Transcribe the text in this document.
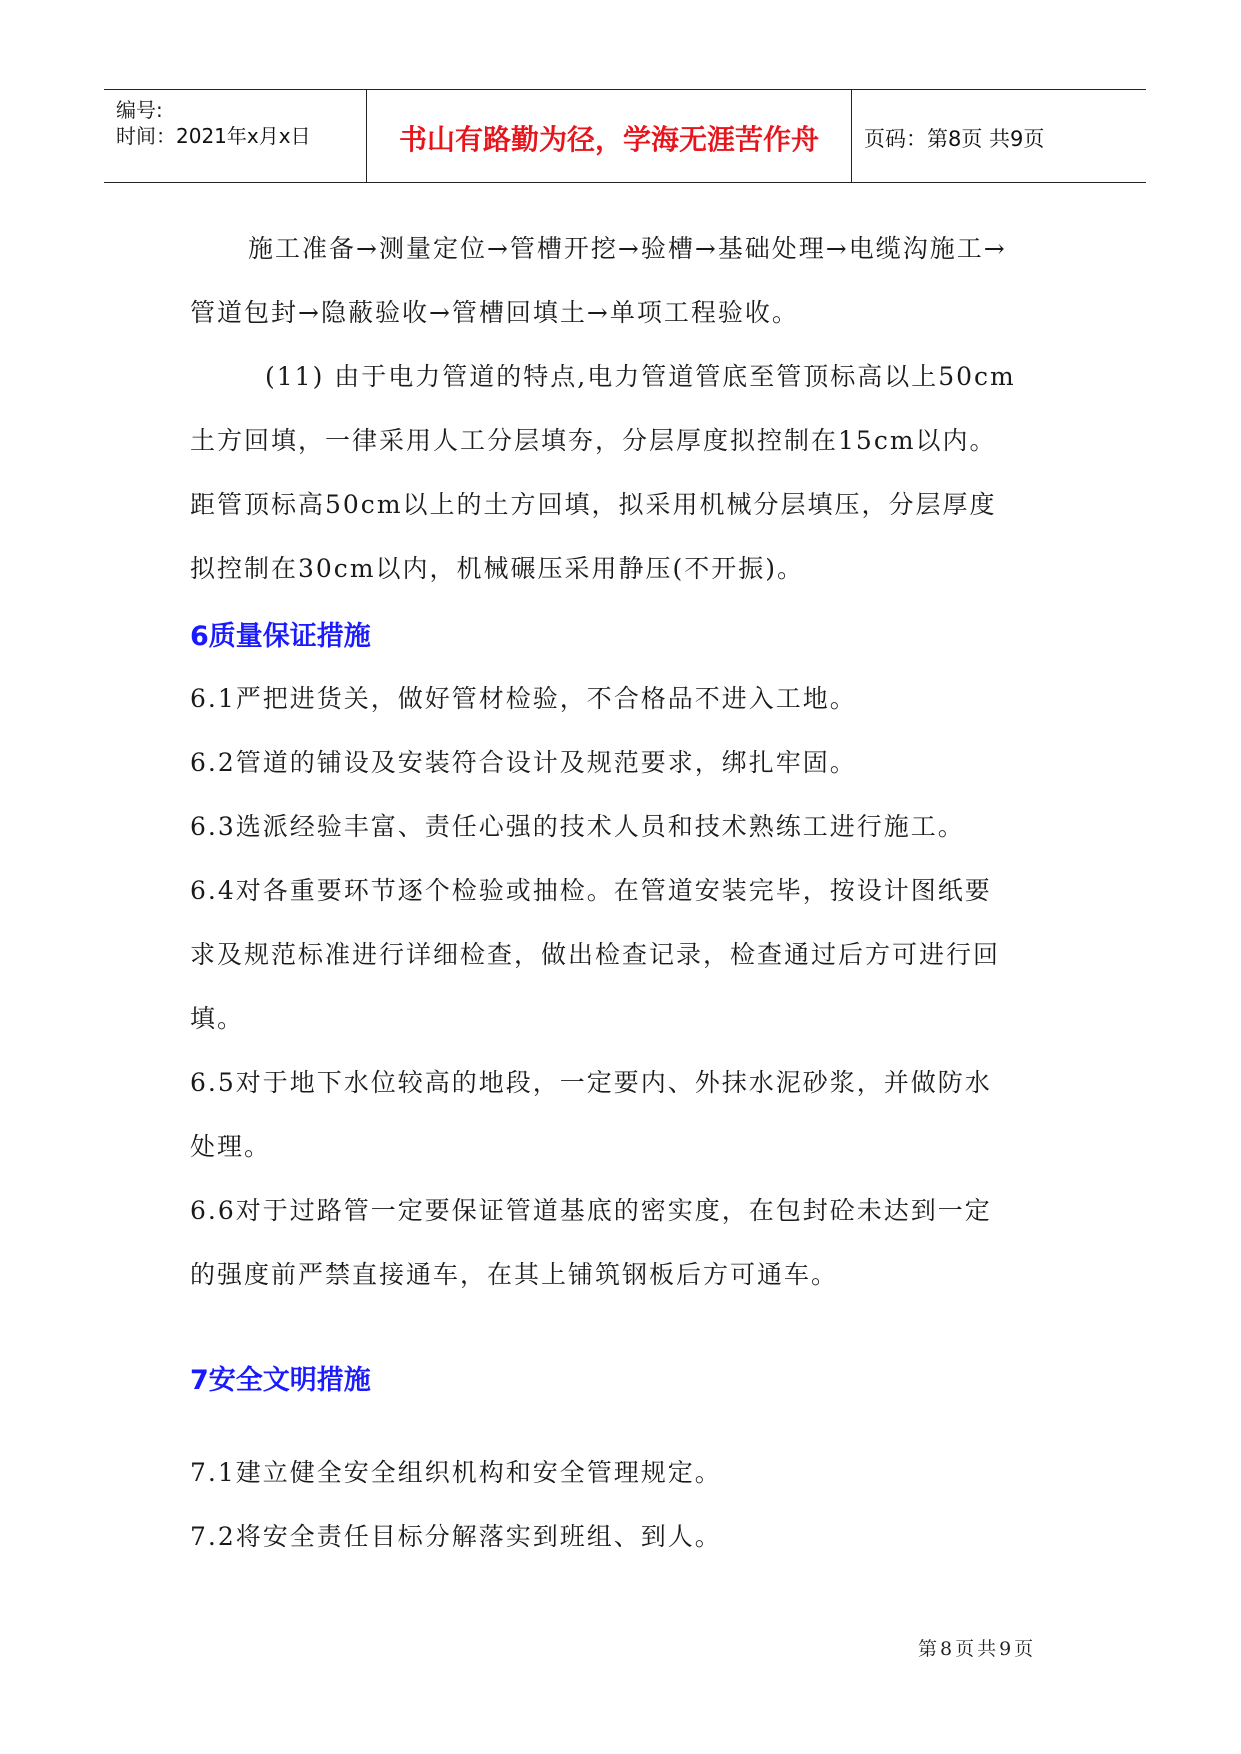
编号:
时间：2021年x月x日	书山有路勤为径，学海无涯苦作舟	页码：第8页 共9页
施工准备→测量定位→管槽开挖→验槽→基础处理→电缆沟施工→
管道包封→隐蔽验收→管槽回填土→单项工程验收。
(11) 由于电力管道的特点,电力管道管底至管顶标高以上50cm
土方回填，一律采用人工分层填夯，分层厚度拟控制在15cm以内。
距管顶标高50cm以上的土方回填，拟采用机械分层填压，分层厚度
拟控制在30cm以内，机械碾压采用静压(不开振)。
6质量保证措施
6.1严把进货关，做好管材检验，不合格品不进入工地。
6.2管道的铺设及安装符合设计及规范要求，绑扎牢固。
6.3选派经验丰富、责任心强的技术人员和技术熟练工进行施工。
6.4对各重要环节逐个检验或抽检。在管道安装完毕，按设计图纸要
求及规范标准进行详细检查，做出检查记录，检查通过后方可进行回
填。
6.5对于地下水位较高的地段，一定要内、外抹水泥砂浆，并做防水
处理。
6.6对于过路管一定要保证管道基底的密实度，在包封砼未达到一定
的强度前严禁直接通车，在其上铺筑钢板后方可通车。
7安全文明措施
7.1建立健全安全组织机构和安全管理规定。
7.2将安全责任目标分解落实到班组、到人。
第8页共9页
